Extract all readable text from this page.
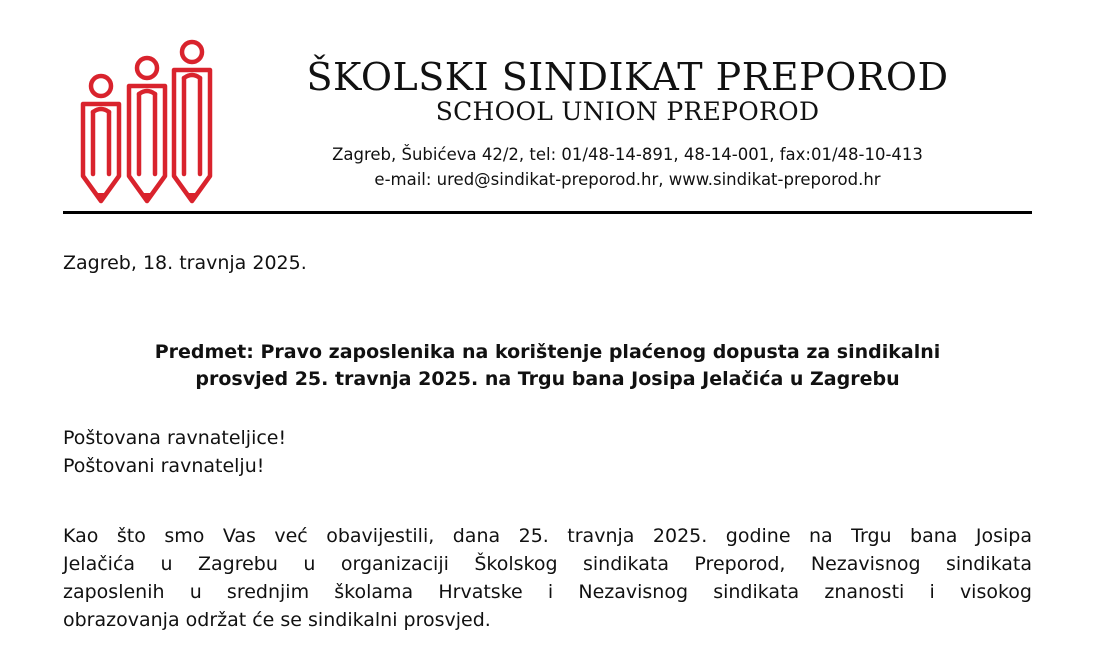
ŠKOLSKI SINDIKAT PREPOROD
SCHOOL UNION PREPOROD
Zagreb, Šubićeva 42/2, tel: 01/48-14-891, 48-14-001, fax:01/48-10-413
e-mail: ured@sindikat-preporod.hr, www.sindikat-preporod.hr
Zagreb, 18. travnja 2025.
Predmet: Pravo zaposlenika na korištenje plaćenog dopusta za sindikalni
prosvjed 25. travnja 2025. na Trgu bana Josipa Jelačića u Zagrebu
Poštovana ravnateljice!
Poštovani ravnatelju!
Kao što smo Vas već obavijestili, dana 25. travnja 2025. godine na Trgu bana Josipa
Jelačića u Zagrebu u organizaciji Školskog sindikata Preporod, Nezavisnog sindikata
zaposlenih u srednjim školama Hrvatske i Nezavisnog sindikata znanosti i visokog
obrazovanja održat će se sindikalni prosvjed.
